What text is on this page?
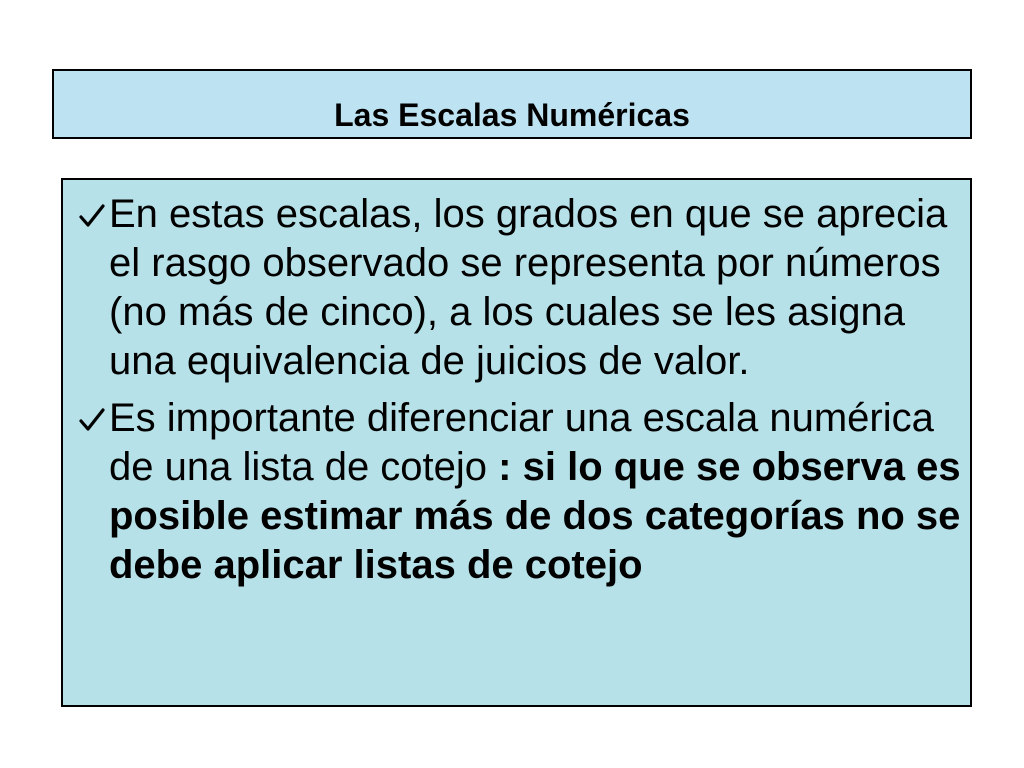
Las Escalas Numéricas
En estas escalas, los grados en que se aprecia el rasgo observado se representa por números (no más de cinco), a los cuales se les asigna una equivalencia de juicios de valor.
Es importante diferenciar una escala numérica de una lista de cotejo : si lo que se observa es posible estimar más de dos categorías no se debe aplicar listas de cotejo
